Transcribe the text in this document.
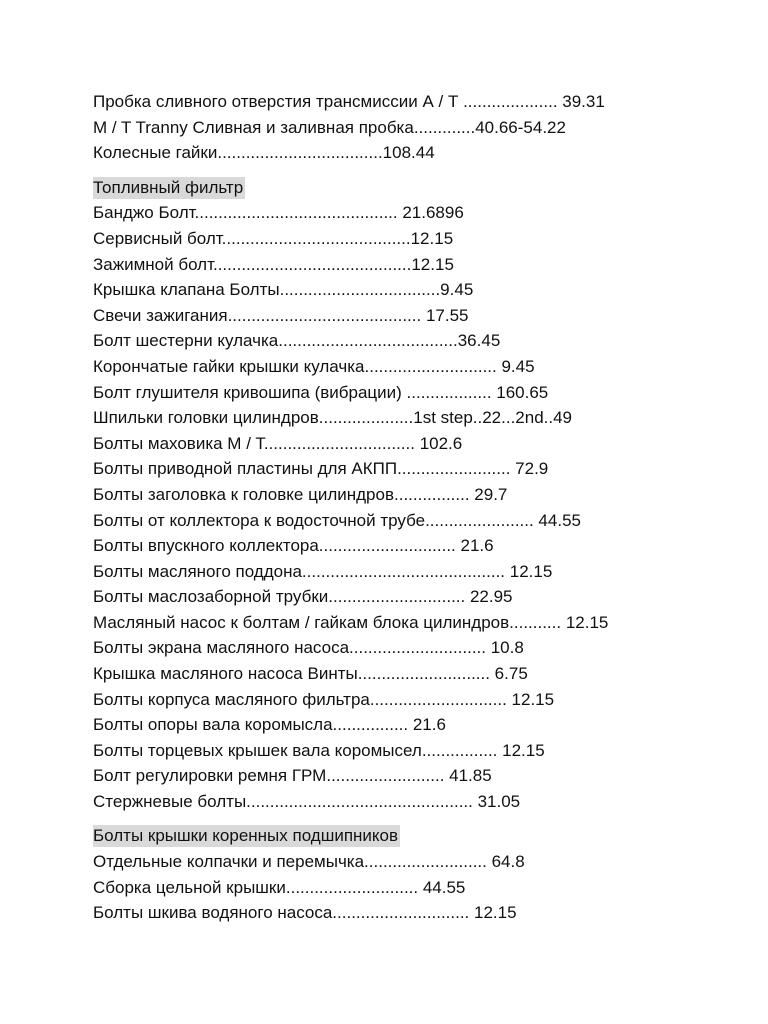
Пробка сливного отверстия трансмиссии А / Т .................... 39.31
M / T Tranny Сливная и заливная пробка.............40.66-54.22
Колесные гайки...................................108.44
Топливный фильтр
Банджо Болт........................................... 21.6896
Сервисный болт........................................12.15
Зажимной болт..........................................12.15
Крышка клапана Болты..................................9.45
Свечи зажигания......................................... 17.55
Болт шестерни кулачка......................................36.45
Корончатые гайки крышки кулачка............................ 9.45
Болт глушителя кривошипа (вибрации) .................. 160.65
Шпильки головки цилиндров....................1st step..22...2nd..49
Болты маховика M / T................................ 102.6
Болты приводной пластины для АКПП........................ 72.9
Болты заголовка к головке цилиндров................ 29.7
Болты от коллектора к водосточной трубе....................... 44.55
Болты впускного коллектора............................. 21.6
Болты масляного поддона........................................... 12.15
Болты маслозаборной трубки............................. 22.95
Масляный насос к болтам / гайкам блока цилиндров........... 12.15
Болты экрана масляного насоса............................. 10.8
Крышка масляного насоса Винты............................ 6.75
Болты корпуса масляного фильтра............................. 12.15
Болты опоры вала коромысла................ 21.6
Болты торцевых крышек вала коромысел................ 12.15
Болт регулировки ремня ГРМ......................... 41.85
Стержневые болты................................................ 31.05
Болты крышки коренных подшипников
Отдельные колпачки и перемычка.......................... 64.8
Сборка цельной крышки............................ 44.55
Болты шкива водяного насоса............................. 12.15
